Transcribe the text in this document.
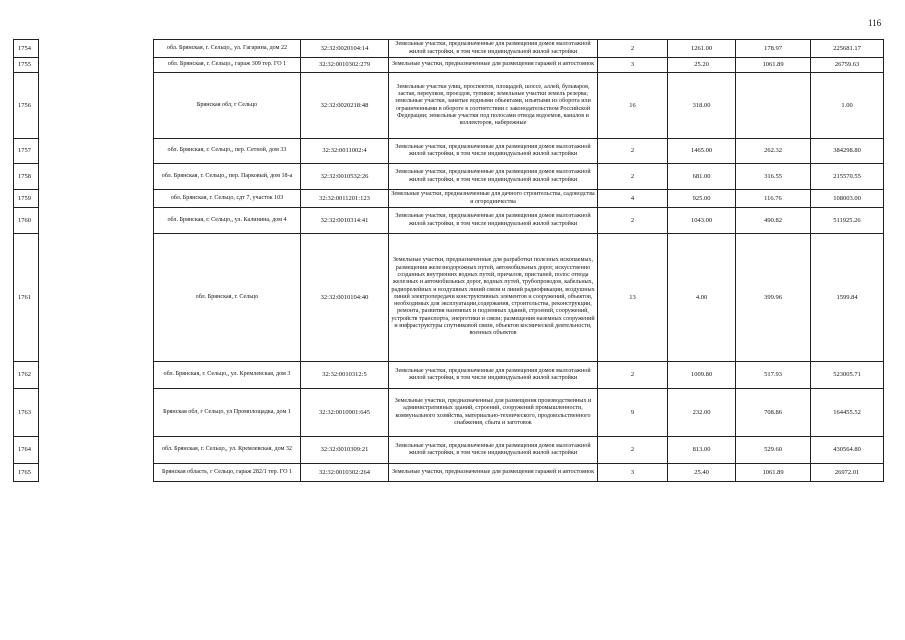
116
1754		обл. Брянская, г. Сельцо,, ул. Гагарина, дом 22	32:32:0020104:14	Земельные участки, предназначенные для размещения домов малоэтажной жилой застройки, в том числе индивидуальной жилой застройки	2	1261.00	178.97	225681.17
1755		обл. Брянская, г. Сельцо,, гараж 309 тер. ГО 1	32:32:0010302:279	Земельные участки, предназначенные для размещения гаражей и автостоянок	3	25.20	1061.89	26759.63
1756		Брянская обл, г Сельцо	32:32:0020218:48	Земельные участки улиц, проспектов, площадей, шоссе, аллей, бульваров, застав, переулков, проездов, тупиков; земельные участки земель резерва; земельные участки, занятые водными объектами, изъятыми из оборота или ограниченными в обороте в соответствии с законодательством Российской Федерации; земельные участки под полосами отвода водоемов, каналов и коллекторов, набережные	16	318.00		1.00
1757		обл. Брянская, г. Сельцо,, пер. Сетной, дом 33	32:32:0011002:4	Земельные участки, предназначенные для размещения домов малоэтажной жилой застройки, в том числе индивидуальной жилой застройки	2	1465.00	262.32	384298.80
1758		обл. Брянская, г. Сельцо,, пер. Парковый, дом 18-а	32:32:0010532:26	Земельные участки, предназначенные для размещения домов малоэтажной жилой застройки, в том числе индивидуальной жилой застройки	2	681.00	316.55	215570.55
1759		обл. Брянская, г. Сельцо, сдт 7, участок 103	32:32:0011201:123	Земельные участки, предназначенные для дачного строительства, садоводства и огородничества	4	925.00	116.76	108003.00
1760		обл. Брянская, г. Сельцо,, ул. Калинина, дом 4	32:32:0010314:41	Земельные участки, предназначенные для размещения домов малоэтажной жилой застройки, в том числе индивидуальной жилой застройки	2	1043.00	490.82	511925.26
1761		обл. Брянская, г. Сельцо	32:32:0010104:40	Земельные участки, предназначенные для разработки полезных ископаемых, размещения железнодорожных путей, автомобильных дорог, искусственно созданных внутренних водных путей, причалов, пристаней, полос отвода железных и автомобильных дорог, водных путей, трубопроводов, кабельных, радиорелейных и воздушных линий связи и линий радиофикации, воздушных линий электропередачи конструктивных элементов и сооружений, объектов, необходимых для эксплуатации,содержания, строительства, реконструкции, ремонта, развития наземных и подземных зданий, строений, сооружений, устройств транспорта, энергетики и связи; размещения наземных сооружений и инфраструктуры спутниковой связи, объектов космической деятельности, военных объектов	13	4.00	399.96	1599.84
1762		обл. Брянская, г. Сельцо,, ул. Кремлевская, дом 3	32:32:0010312:5	Земельные участки, предназначенные для размещения домов малоэтажной жилой застройки, в том числе индивидуальной жилой застройки	2	1009.80	517.93	523005.71
1763		Брянская обл, г Сельцо, ул Промплощадка, дом 1	32:32:0010901:645	Земельные участки, предназначенные для размещения производственных и административных зданий, строений, сооружений промышленности, коммунального хозяйства, материально-технического, продовольственного снабжения, сбыта и заготовок	9	232.00	708.86	164455.52
1764		обл. Брянская, г. Сельцо,, ул. Кремлевская, дом 32	32:32:0010309:21	Земельные участки, предназначенные для размещения домов малоэтажной жилой застройки, в том числе индивидуальной жилой застройки	2	813.00	529.60	430564.80
1765		Брянская область, г Сельцо, гараж 282/1 тер. ГО 1	32:32:0010302:264	Земельные участки, предназначенные для размещения гаражей и автостоянок	3	25.40	1061.89	26972.01
